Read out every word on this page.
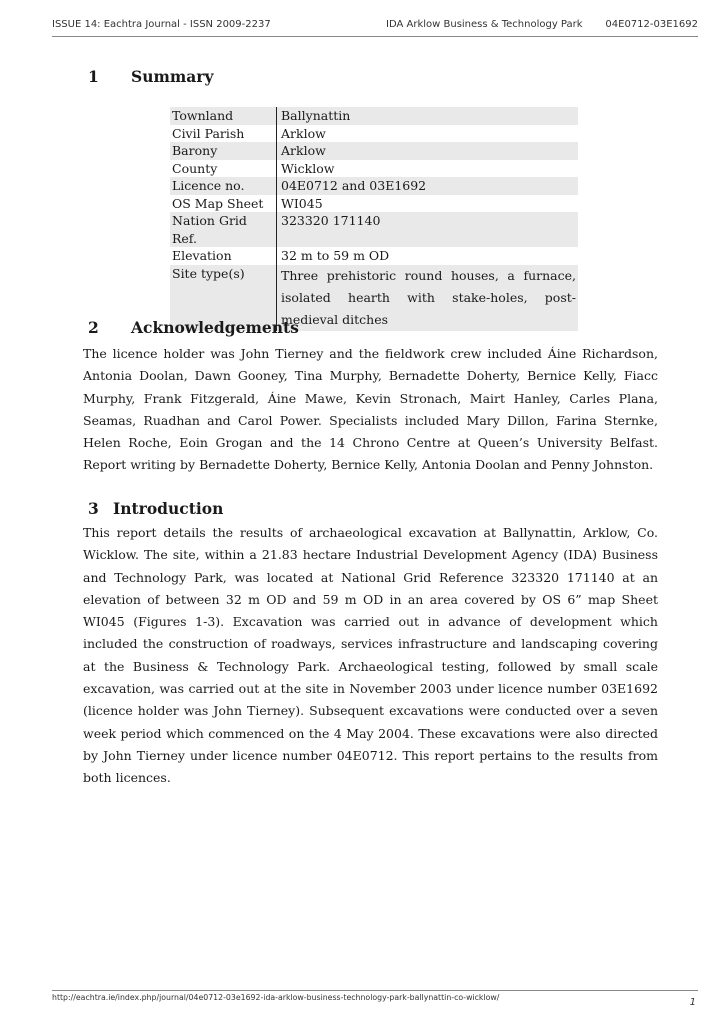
ISSUE 14: Eachtra Journal - ISSN 2009-2237	IDA Arklow Business & Technology Park 04E0712-03E1692
1 Summary
Townland	Ballynattin
Civil Parish	Arklow
Barony	Arklow
County	Wicklow
Licence no.	04E0712 and 03E1692
OS Map Sheet	WI045
Nation Grid Ref.	323320 171140
Elevation	32 m to 59 m OD
Site type(s)	Three prehistoric round houses, a furnace, isolated hearth with stake-holes, post-medieval ditches
2 Acknowledgements
The licence holder was John Tierney and the fieldwork crew included Áine Richardson, Antonia Doolan, Dawn Gooney, Tina Murphy, Bernadette Doherty, Bernice Kelly, Fiacc Murphy, Frank Fitzgerald, Áine Mawe, Kevin Stronach, Mairt Hanley, Carles Plana, Seamas, Ruadhan and Carol Power. Specialists included Mary Dillon, Farina Sternke, Helen Roche, Eoin Grogan and the 14 Chrono Centre at Queen’s University Belfast. Report writing by Bernadette Doherty, Bernice Kelly, Antonia Doolan and Penny Johnston.
3 Introduction
This report details the results of archaeological excavation at Ballynattin, Arklow, Co. Wicklow. The site, within a 21.83 hectare Industrial Development Agency (IDA) Business and Technology Park, was located at National Grid Reference 323320 171140 at an elevation of between 32 m OD and 59 m OD in an area covered by OS 6” map Sheet WI045 (Figures 1-3). Excavation was carried out in advance of development which included the construction of roadways, services infrastructure and landscaping covering at the Business & Technology Park. Archaeological testing, followed by small scale excavation, was carried out at the site in November 2003 under licence number 03E1692 (licence holder was John Tierney). Subsequent excavations were conducted over a seven week period which commenced on the 4 May 2004. These excavations were also directed by John Tierney under licence number 04E0712. This report pertains to the results from both licences.
http://eachtra.ie/index.php/journal/04e0712-03e1692-ida-arklow-business-technology-park-ballynattin-co-wicklow/	1
